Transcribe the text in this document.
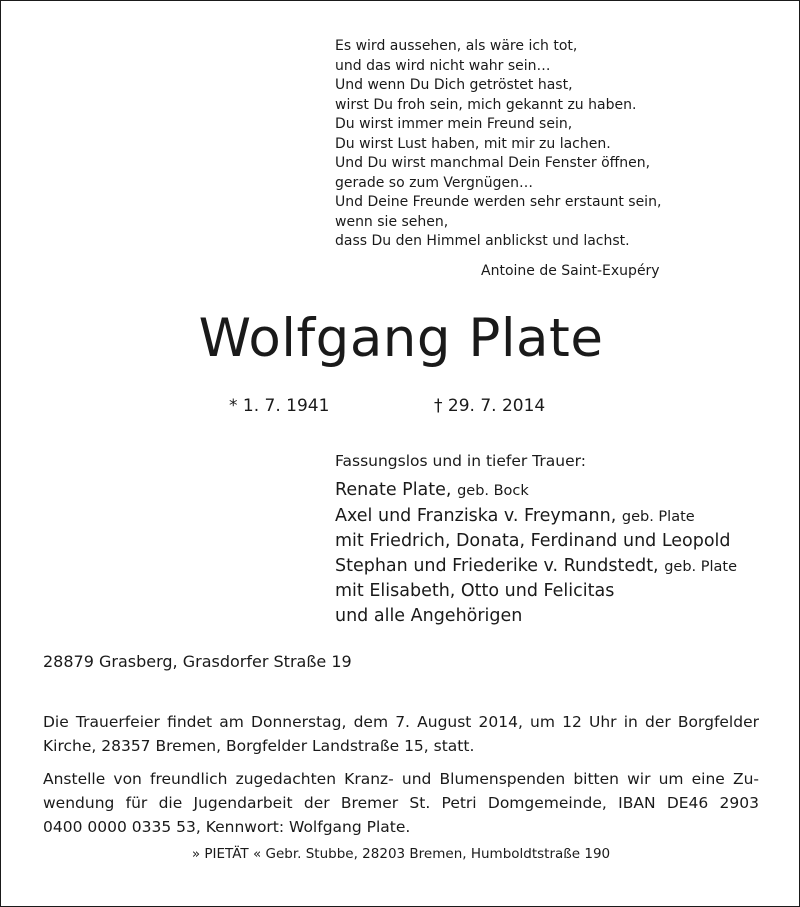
Es wird aussehen, als wäre ich tot,
und das wird nicht wahr sein…
Und wenn Du Dich getröstet hast,
wirst Du froh sein, mich gekannt zu haben.
Du wirst immer mein Freund sein,
Du wirst Lust haben, mit mir zu lachen.
Und Du wirst manchmal Dein Fenster öffnen,
gerade so zum Vergnügen…
Und Deine Freunde werden sehr erstaunt sein,
wenn sie sehen,
dass Du den Himmel anblickst und lachst.
Antoine de Saint-Exupéry
Wolfgang Plate
* 1. 7. 1941	† 29. 7. 2014
Fassungslos und in tiefer Trauer:
Renate Plate, geb. Bock
Axel und Franziska v. Freymann, geb. Plate
mit Friedrich, Donata, Ferdinand und Leopold
Stephan und Friederike v. Rundstedt, geb. Plate
mit Elisabeth, Otto und Felicitas
und alle Angehörigen
28879 Grasberg, Grasdorfer Straße 19
Die Trauerfeier findet am Donnerstag, dem 7. August 2014, um 12 Uhr in der Borgfelder
Kirche, 28357 Bremen, Borgfelder Landstraße 15, statt.
Anstelle von freundlich zugedachten Kranz- und Blumenspenden bitten wir um eine Zu-
wendung für die Jugendarbeit der Bremer St. Petri Domgemeinde, IBAN DE46 2903
0400 0000 0335 53, Kennwort: Wolfgang Plate.
» PIETÄT « Gebr. Stubbe, 28203 Bremen, Humboldtstraße 190
